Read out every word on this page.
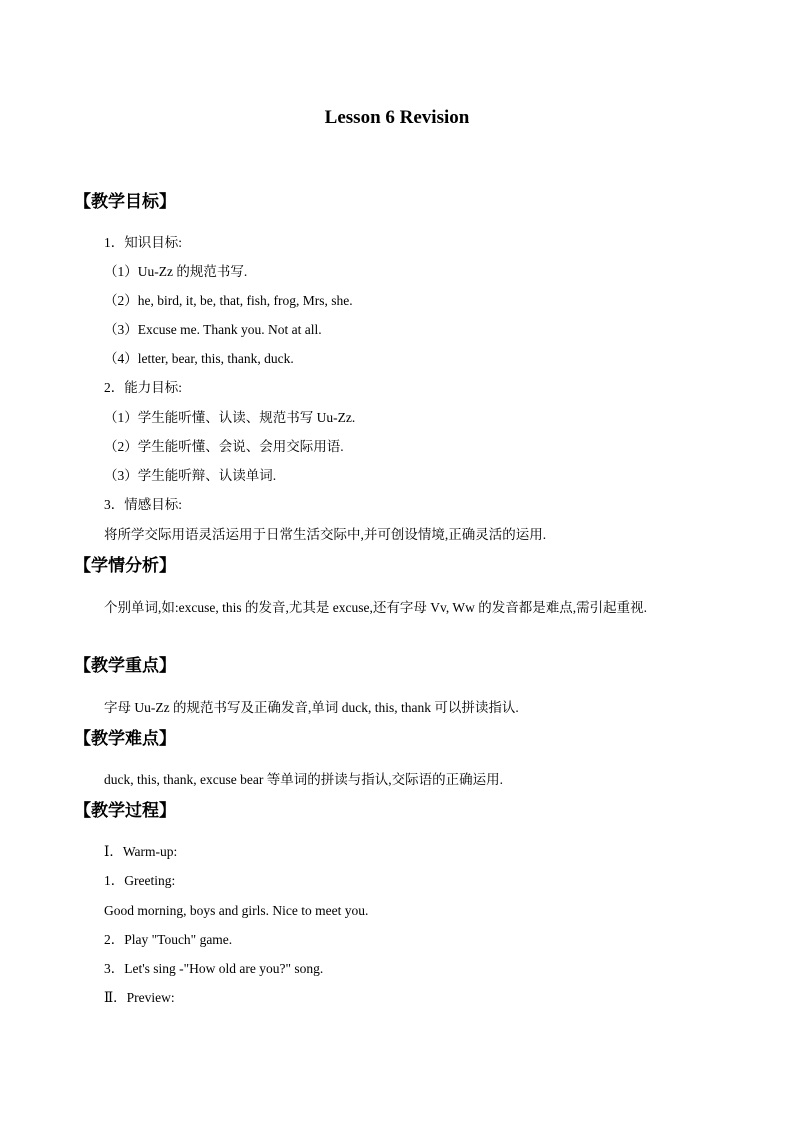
Lesson 6 Revision
【教学目标】
1．知识目标:
（1）Uu-Zz 的规范书写.
（2）he, bird, it, be, that, fish, frog, Mrs, she.
（3）Excuse me. Thank you. Not at all.
（4）letter, bear, this, thank, duck.
2．能力目标:
（1）学生能听懂、认读、规范书写 Uu-Zz.
（2）学生能听懂、会说、会用交际用语.
（3）学生能听辩、认读单词.
3．情感目标:
将所学交际用语灵活运用于日常生活交际中,并可创设情境,正确灵活的运用.
【学情分析】
个别单词,如:excuse, this 的发音,尤其是 excuse,还有字母 Vv, Ww 的发音都是难点,需引起重视.
【教学重点】
字母 Uu-Zz 的规范书写及正确发音,单词 duck, this, thank 可以拼读指认.
【教学难点】
duck, this, thank, excuse bear 等单词的拼读与指认,交际语的正确运用.
【教学过程】
Ⅰ．Warm-up:
1．Greeting:
Good morning, boys and girls. Nice to meet you.
2．Play "Touch" game.
3．Let's sing -"How old are you?" song.
Ⅱ．Preview:
